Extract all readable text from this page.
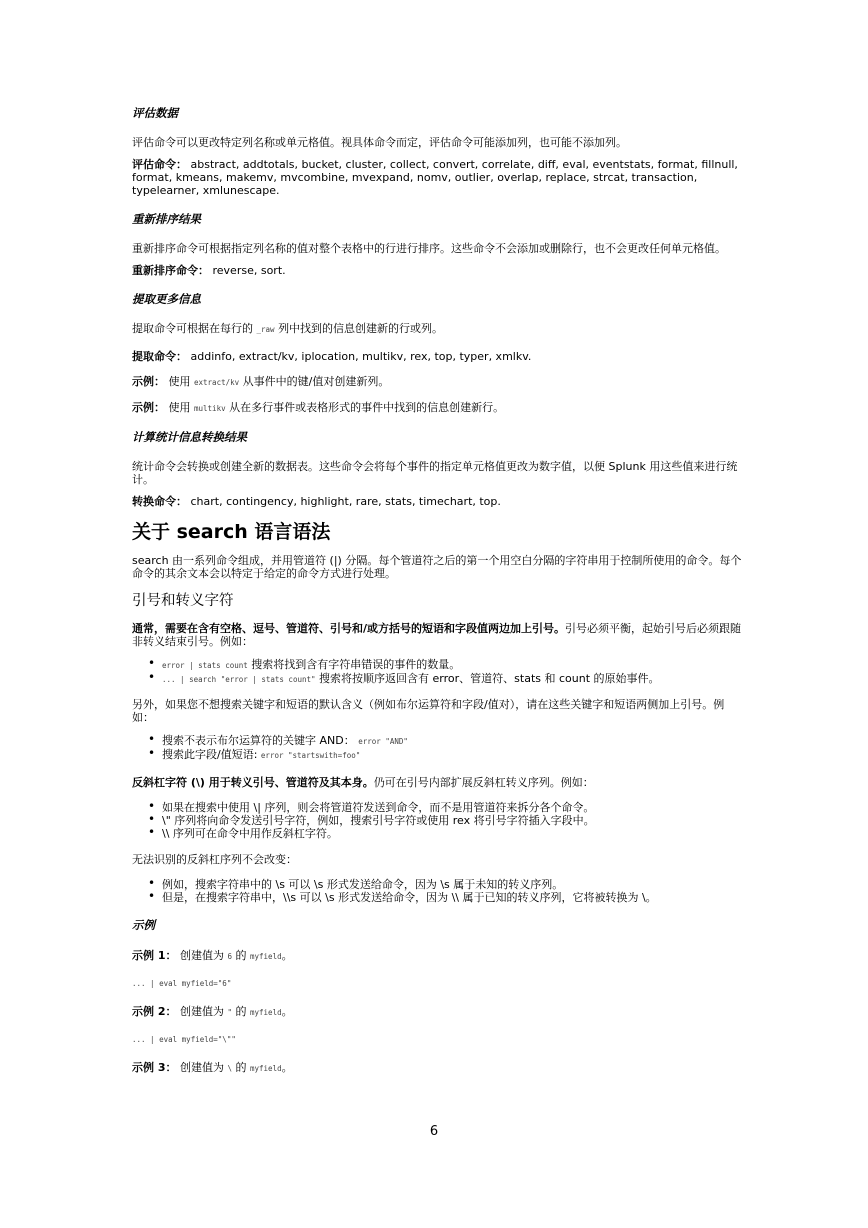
评估数据

评估命令可以更改特定列名称或单元格值。视具体命令而定，评估命令可能添加列，也可能不添加列。

评估命令： abstract, addtotals, bucket, cluster, collect, convert, correlate, diff, eval, eventstats, format, fillnull, format, kmeans, makemv, mvcombine, mvexpand, nomv, outlier, overlap, replace, strcat, transaction, typelearner, xmlunescape.

重新排序结果

重新排序命令可根据指定列名称的值对整个表格中的行进行排序。这些命令不会添加或删除行，也不会更改任何单元格值。

重新排序命令： reverse, sort.

提取更多信息

提取命令可根据在每行的 _raw 列中找到的信息创建新的行或列。

提取命令： addinfo, extract/kv, iplocation, multikv, rex, top, typer, xmlkv.

示例： 使用 extract/kv 从事件中的键/值对创建新列。

示例： 使用 multikv 从在多行事件或表格形式的事件中找到的信息创建新行。

计算统计信息转换结果

统计命令会转换或创建全新的数据表。这些命令会将每个事件的指定单元格值更改为数字值，以便 Splunk 用这些值来进行统计。

转换命令： chart, contingency, highlight, rare, stats, timechart, top.

关于 search 语言语法

search 由一系列命令组成，并用管道符 (|) 分隔。每个管道符之后的第一个用空白分隔的字符串用于控制所使用的命令。每个命令的其余文本会以特定于给定的命令方式进行处理。

引号和转义字符

通常，需要在含有空格、逗号、管道符、引号和/或方括号的短语和字段值两边加上引号。引号必须平衡，起始引号后必须跟随非转义结束引号。例如：

• error | stats count 搜索将找到含有字符串错误的事件的数量。
• ... | search "error | stats count" 搜索将按顺序返回含有 error、管道符、stats 和 count 的原始事件。

另外，如果您不想搜索关键字和短语的默认含义（例如布尔运算符和字段/值对），请在这些关键字和短语两侧加上引号。例如：

• 搜索不表示布尔运算符的关键字 AND： error "AND"
• 搜索此字段/值短语: error "startswith=foo"

反斜杠字符 (\) 用于转义引号、管道符及其本身。仍可在引号内部扩展反斜杠转义序列。例如：

• 如果在搜索中使用 \| 序列，则会将管道符发送到命令，而不是用管道符来拆分各个命令。
• \" 序列将向命令发送引号字符，例如，搜索引号字符或使用 rex 将引号字符插入字段中。
• \\ 序列可在命令中用作反斜杠字符。

无法识别的反斜杠序列不会改变：

• 例如，搜索字符串中的 \s 可以 \s 形式发送给命令，因为 \s 属于未知的转义序列。
• 但是，在搜索字符串中，\\s 可以 \s 形式发送给命令，因为 \\ 属于已知的转义序列，它将被转换为 \。
示例

示例 1： 创建值为 6 的 myfield。

... | eval myfield="6"

示例 2： 创建值为 " 的 myfield。

... | eval myfield="\""

示例 3： 创建值为 \ 的 myfield。

6
